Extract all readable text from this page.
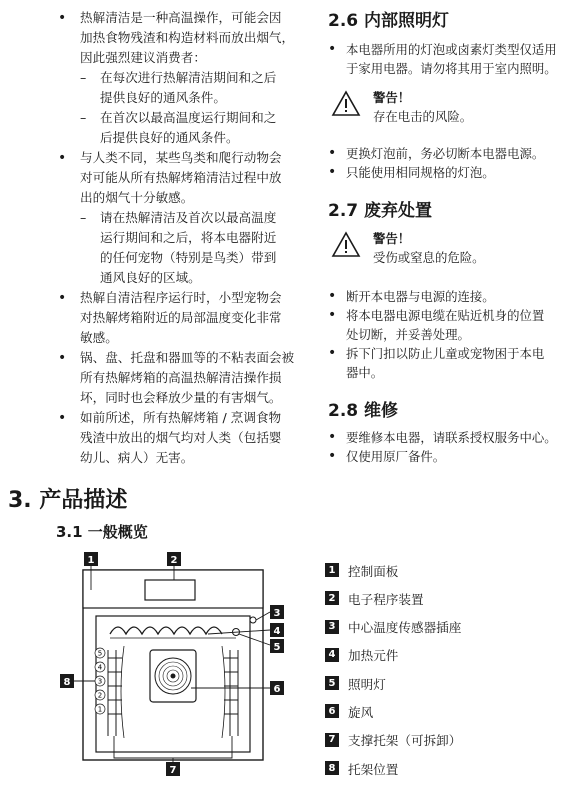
• 热解清洁是一种高温操作，可能会因
加热食物残渣和构造材料而放出烟气，
因此强烈建议消费者：
– 在每次进行热解清洁期间和之后
提供良好的通风条件。
– 在首次以最高温度运行期间和之
后提供良好的通风条件。
• 与人类不同，某些鸟类和爬行动物会
对可能从所有热解烤箱清洁过程中放
出的烟气十分敏感。
– 请在热解清洁及首次以最高温度
运行期间和之后，将本电器附近
的任何宠物（特别是鸟类）带到
通风良好的区域。
• 热解自清洁程序运行时，小型宠物会
对热解烤箱附近的局部温度变化非常
敏感。
• 锅、盘、托盘和器皿等的不粘表面会被
所有热解烤箱的高温热解清洁操作损
坏，同时也会释放少量的有害烟气。
• 如前所述，所有热解烤箱 / 烹调食物
残渣中放出的烟气均对人类（包括婴
幼儿、病人）无害。
2.6 内部照明灯
• 本电器所用的灯泡或卤素灯类型仅适用
于家用电器。请勿将其用于室内照明。
警告！
存在电击的风险。
• 更换灯泡前，务必切断本电器电源。
• 只能使用相同规格的灯泡。
2.7 废弃处置
警告！
受伤或窒息的危险。
• 断开本电器与电源的连接。
• 将本电器电源电缆在贴近机身的位置
处切断，并妥善处理。
• 拆下门扣以防止儿童或宠物困于本电
器中。
2.8 维修
• 要维修本电器，请联系授权服务中心。
• 仅使用原厂备件。
3. 产品描述
3.1 一般概览
5
4
3
2
1
1	2
3
4
5
6
7
8
1 控制面板
2 电子程序装置
3 中心温度传感器插座
4 加热元件
5 照明灯
6 旋风
7 支撑托架（可拆卸）
8 托架位置
